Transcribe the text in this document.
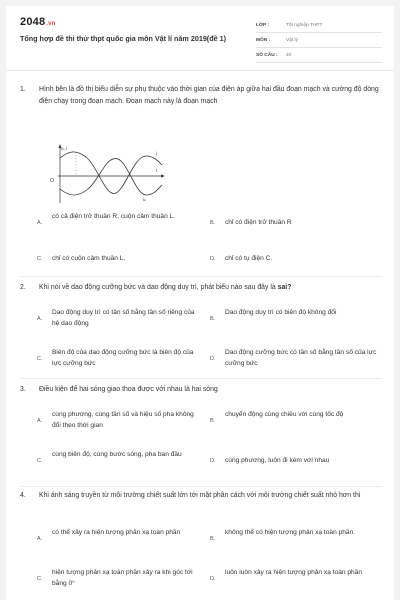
2048.vn
Tổng hợp đề thi thử thpt quốc gia môn Vật lí năm 2019(đề 1)
LỚP :	Tốt nghiệp THPT
MÔN :	Vật lý
SỐ CÂU :	40
1.	Hình bên là đồ thị biểu diễn sự phụ thuộc vào thời gian của điện áp giữa hai đầu đoạn mạch và cường độ dòng điện chạy trong đoạn mạch. Đoạn mạch này là đoạn mạch
u, i
t
i
u
O
A.
có cả điện trở thuần R, cuộn cảm thuần L.
B.	chỉ có điện trở thuần R
C.	chỉ có cuộn cảm thuần L.	D.	chỉ có tụ điện C.
2.	Khi nói về dao động cưỡng bức và dao động duy trì, phát biểu nào sau đây là sai?
A.
Dao động duy trì có tần số bằng tần số riêng của hệ dao động
B.
Dao động duy trì có biên độ không đổi
C.
Biên độ của dao động cưỡng bức là biên độ của lực cưỡng bức
D.
Dao động cưỡng bức có tần số bằng tần số của lực cưỡng bức
3.	Điều kiện để hai sóng giao thoa được với nhau là hai sóng
A.
cùng phương, cùng tần số và hiệu số pha không đổi theo thời gian
B.
chuyển động cùng chiều với cùng tốc độ
C.
cùng biên độ, cùng bước sóng, pha ban đầu
D.	cùng phương, luôn đi kèm với nhau
4.	Khi ánh sáng truyền từ môi trường chiết suất lớn tới mặt phân cách với môi trường chiết suất nhỏ hơn thì
A.
có thể xảy ra hiện tượng phản xạ toàn phần
B.
không thể có hiện tượng phản xạ toàn phần.
C.
hiện tượng phản xạ toàn phần xảy ra khi góc tới bằng 0°
D.
luôn luôn xảy ra hiện tượng phản xạ toàn phần
